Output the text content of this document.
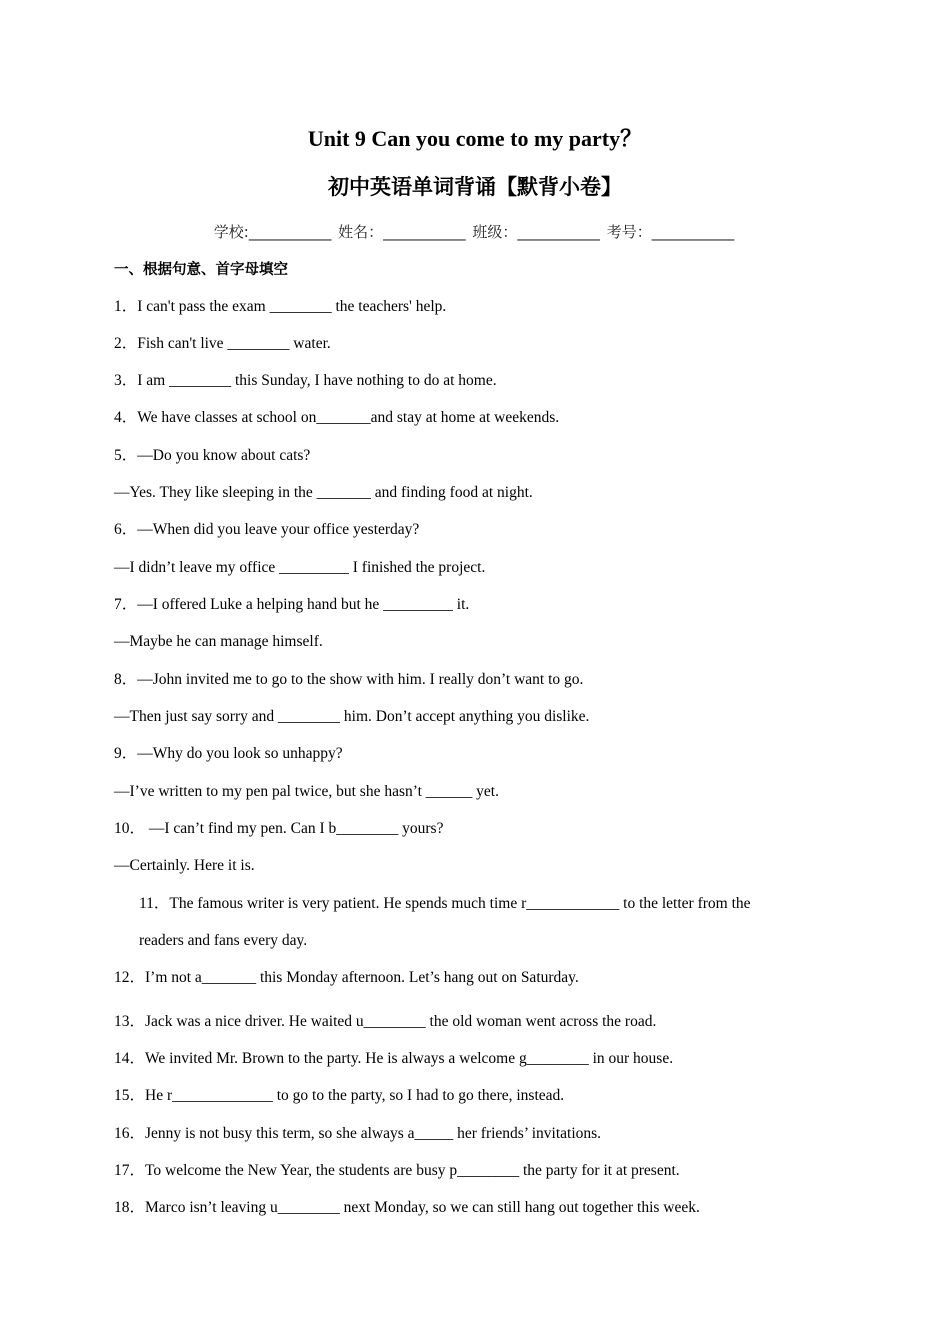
Unit 9 Can you come to my party？
初中英语单词背诵【默背小卷】
学校:___________ 姓名：___________ 班级：___________ 考号：___________
一、根据句意、首字母填空
1．I can't pass the exam ________ the teachers' help.
2．Fish can't live ________ water.
3．I am ________ this Sunday, I have nothing to do at home.
4．We have classes at school on_______and stay at home at weekends.
5．—Do you know about cats?
—Yes. They like sleeping in the _______ and finding food at night.
6．—When did you leave your office yesterday?
—I didn’t leave my office _________ I finished the project.
7．—I offered Luke a helping hand but he _________ it.
—Maybe he can manage himself.
8．—John invited me to go to the show with him. I really don’t want to go.
—Then just say sorry and ________ him. Don’t accept anything you dislike.
9．—Why do you look so unhappy?
—I’ve written to my pen pal twice, but she hasn’t ______ yet.
10． —I can’t find my pen. Can I b________ yours?
—Certainly. Here it is.
11．The famous writer is very patient. He spends much time r____________ to the letter from the
readers and fans every day.
12．I’m not a_______ this Monday afternoon. Let’s hang out on Saturday.
13．Jack was a nice driver. He waited u________ the old woman went across the road.
14．We invited Mr. Brown to the party. He is always a welcome g________ in our house.
15．He r_____________ to go to the party, so I had to go there, instead.
16．Jenny is not busy this term, so she always a_____ her friends’ invitations.
17．To welcome the New Year, the students are busy p________ the party for it at present.
18．Marco isn’t leaving u________ next Monday, so we can still hang out together this week.
